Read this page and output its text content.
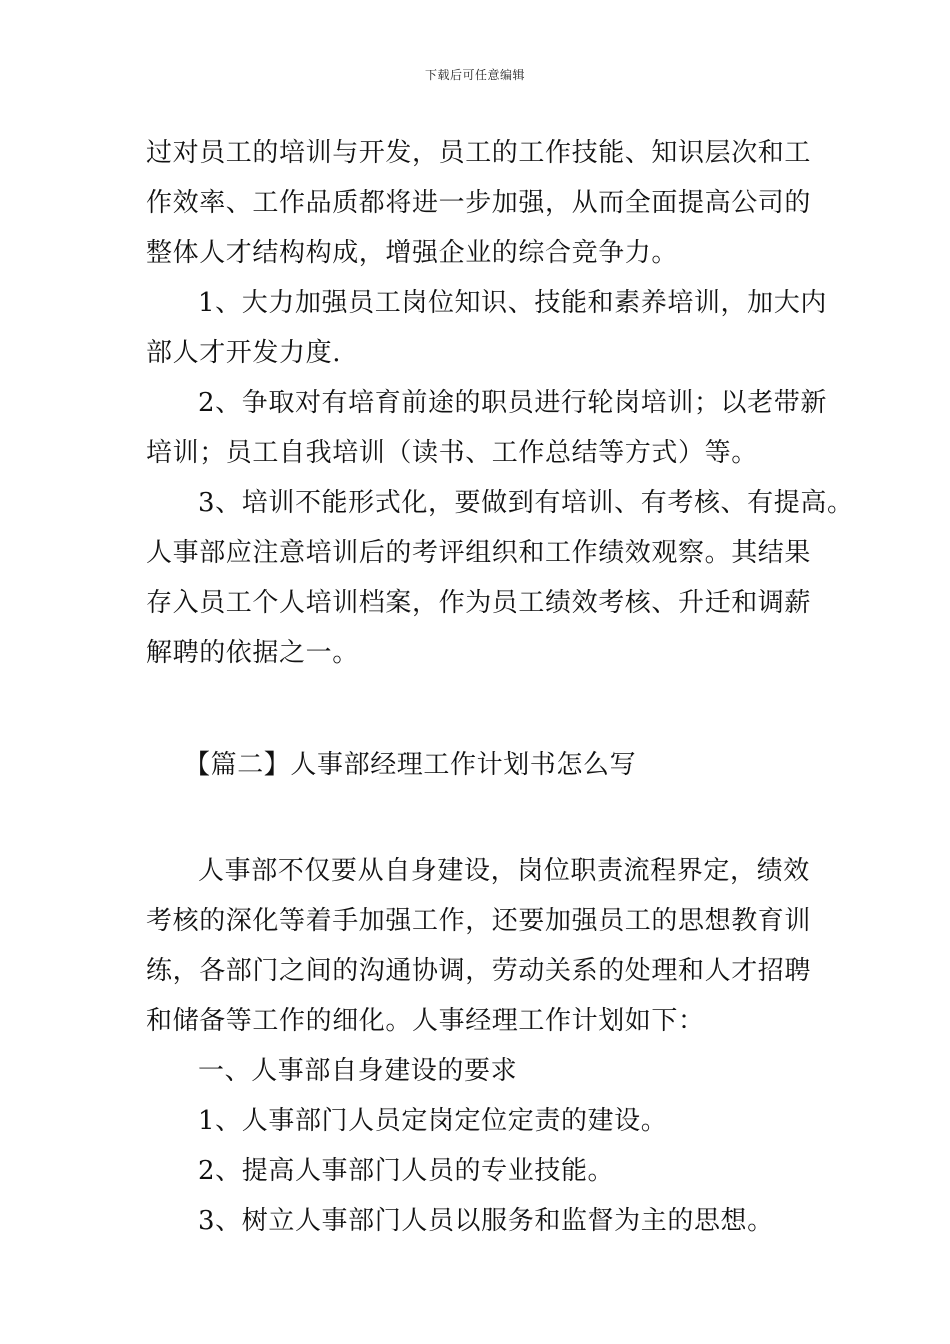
下载后可任意编辑
过对员工的培训与开发，员工的工作技能、知识层次和工
作效率、工作品质都将进一步加强，从而全面提高公司的
整体人才结构构成，增强企业的综合竞争力。
1、大力加强员工岗位知识、技能和素养培训，加大内
部人才开发力度.
2、争取对有培育前途的职员进行轮岗培训；以老带新
培训；员工自我培训（读书、工作总结等方式）等。
3、培训不能形式化，要做到有培训、有考核、有提高。
人事部应注意培训后的考评组织和工作绩效观察。其结果
存入员工个人培训档案，作为员工绩效考核、升迁和调薪
解聘的依据之一。
【篇二】人事部经理工作计划书怎么写
人事部不仅要从自身建设，岗位职责流程界定，绩效
考核的深化等着手加强工作，还要加强员工的思想教育训
练，各部门之间的沟通协调，劳动关系的处理和人才招聘
和储备等工作的细化。人事经理工作计划如下：
一、人事部自身建设的要求
1、人事部门人员定岗定位定责的建设。
2、提高人事部门人员的专业技能。
3、树立人事部门人员以服务和监督为主的思想。
